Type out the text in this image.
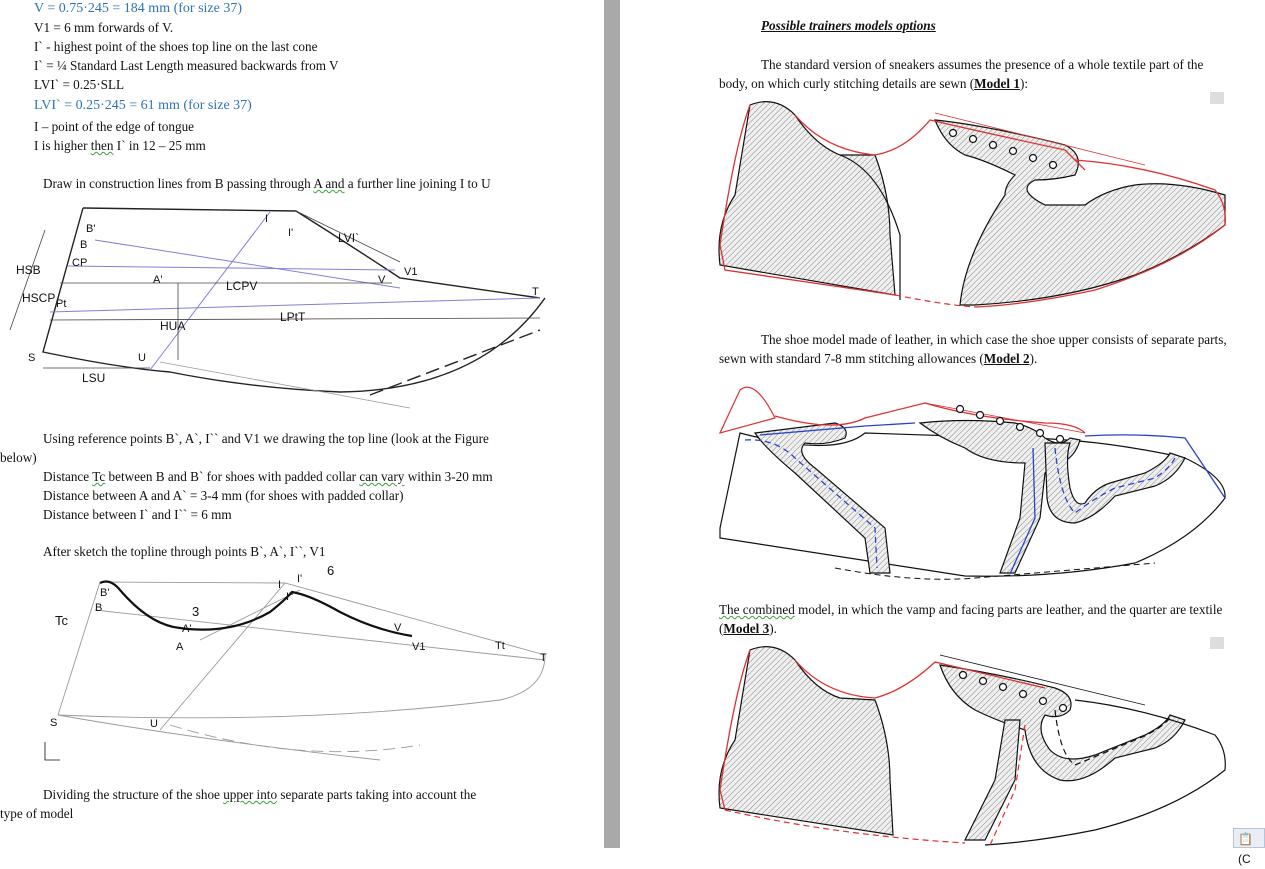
V = 0.75·245 = 184 mm (for size 37)
V1 = 6 mm forwards of V.
I` - highest point of the shoes top line on the last cone
I` = ¼ Standard Last Length measured backwards from V
LVI` = 0.25·SLL
LVI` = 0.25·245 = 61 mm (for size 37)
I – point of the edge of tongue
I is higher then I` in 12 – 25 mm
Draw in construction lines from B passing through A and a further line joining I to U
B'
B
CP
HSB
HSCP Pt
S
A'	LCPV
HUA
LPtT
U
LSU
I
I'	LVI`
V
V1
T
Using reference points B`, A`, I`` and V1 we drawing the top line (look at the Figure
below)
Distance Tc between B and B` for shoes with padded collar can vary within 3-20 mm
Distance between A and A` = 3-4 mm (for shoes with padded collar)
Distance between I` and I`` = 6 mm
After sketch the topline through points B`, A`, I``, V1
B'
B
Tc
3
A'
A
I I'
I''
6
V
V1	Tt
T
S	U
Dividing the structure of the shoe upper into separate parts taking into account the
type of model
Possible trainers models options
The standard version of sneakers assumes the presence of a whole textile part of the
body, on which curly stitching details are sewn (Model 1):
The shoe model made of leather, in which case the shoe upper consists of separate parts,
sewn with standard 7-8 mm stitching allowances (Model 2).
The combined model, in which the vamp and facing parts are leather, and the quarter are textile
(Model 3).
📋(C
